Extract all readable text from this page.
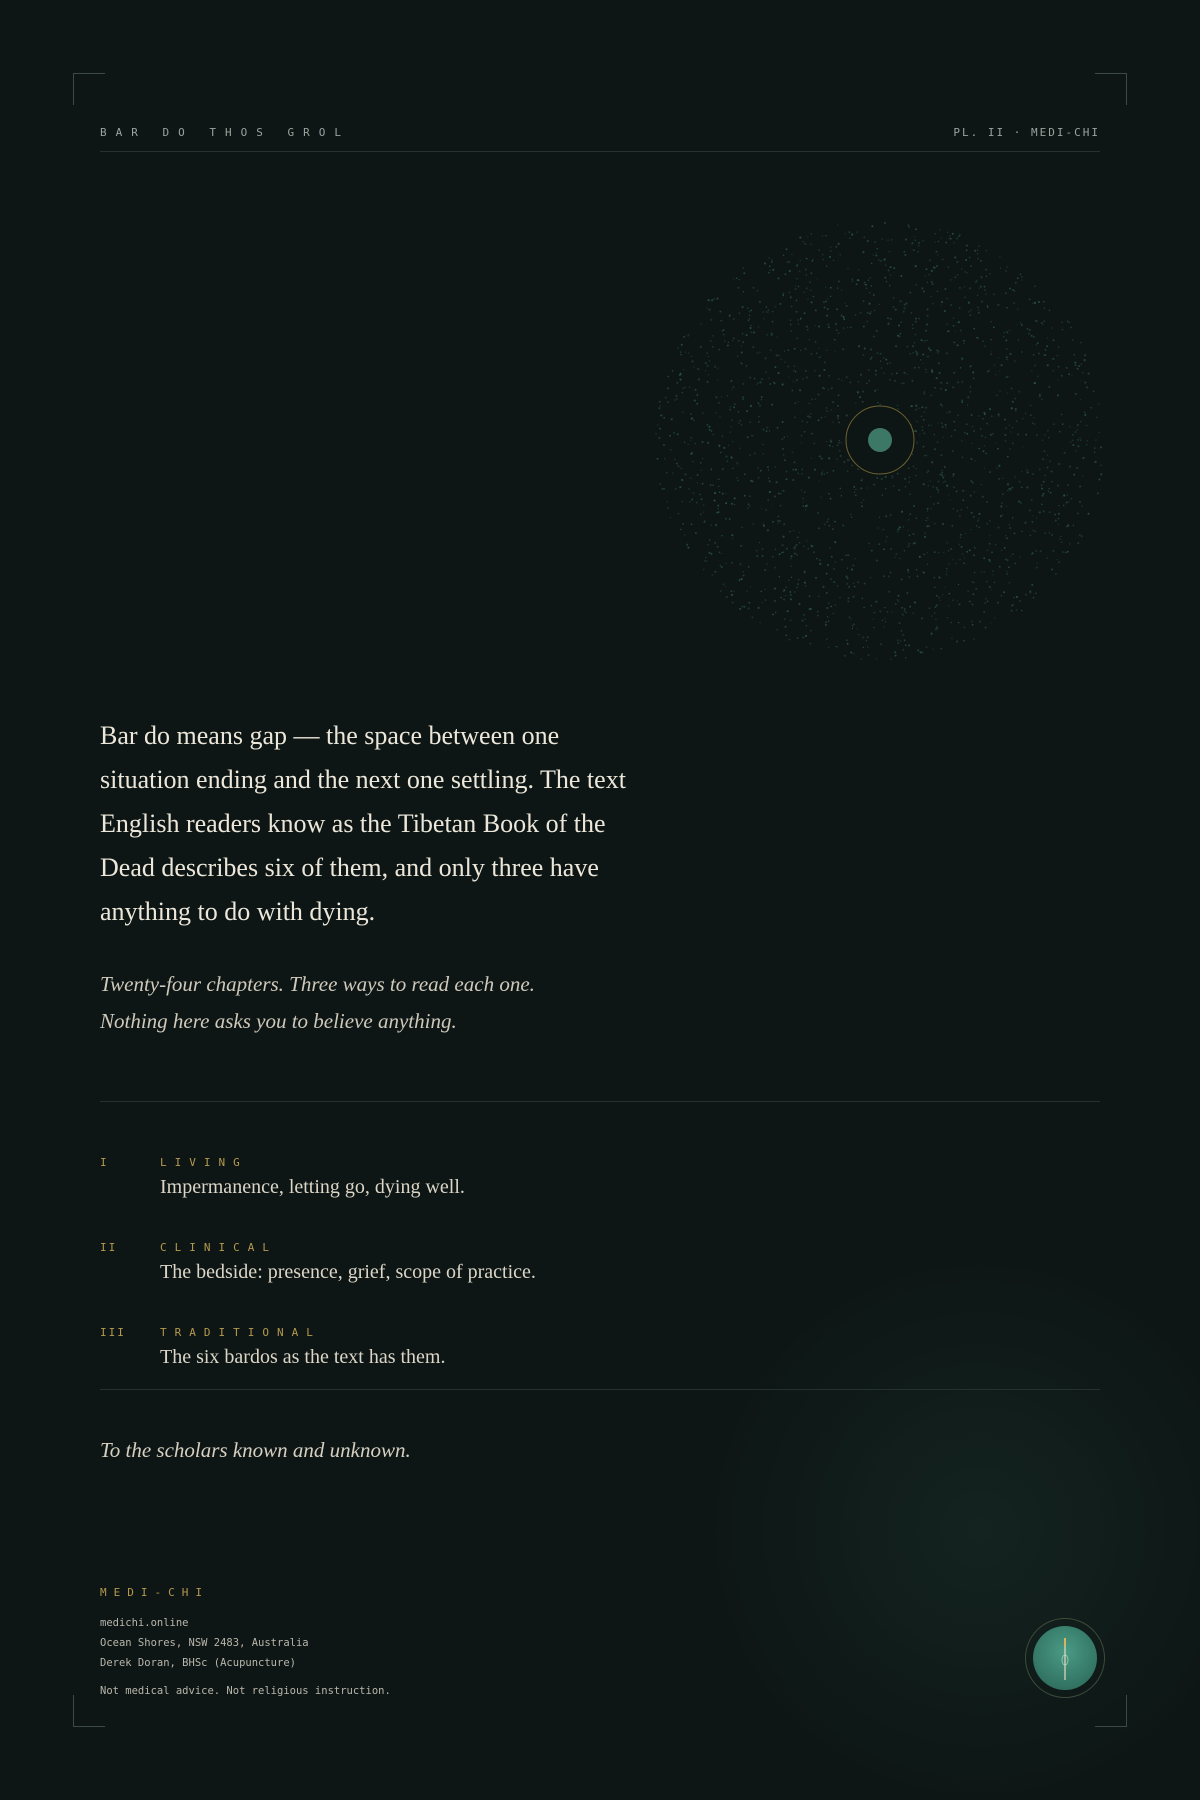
BAR DO THOS GROL	PL. II · MEDI-CHI

Bar do means gap — the space between one situation ending and the next one settling. The text English readers know as the Tibetan Book of the Dead describes six of them, and only three have anything to do with dying.

Twenty-four chapters. Three ways to read each one.
Nothing here asks you to believe anything.
I	LIVING
Impermanence, letting go, dying well.
II	CLINICAL
The bedside: presence, grief, scope of practice.
III	TRADITIONAL
The six bardos as the text has them.

To the scholars known and unknown.

MEDI-CHI
medichi.online
Ocean Shores, NSW 2483, Australia
Derek Doran, BHSc (Acupuncture)
Not medical advice. Not religious instruction.
